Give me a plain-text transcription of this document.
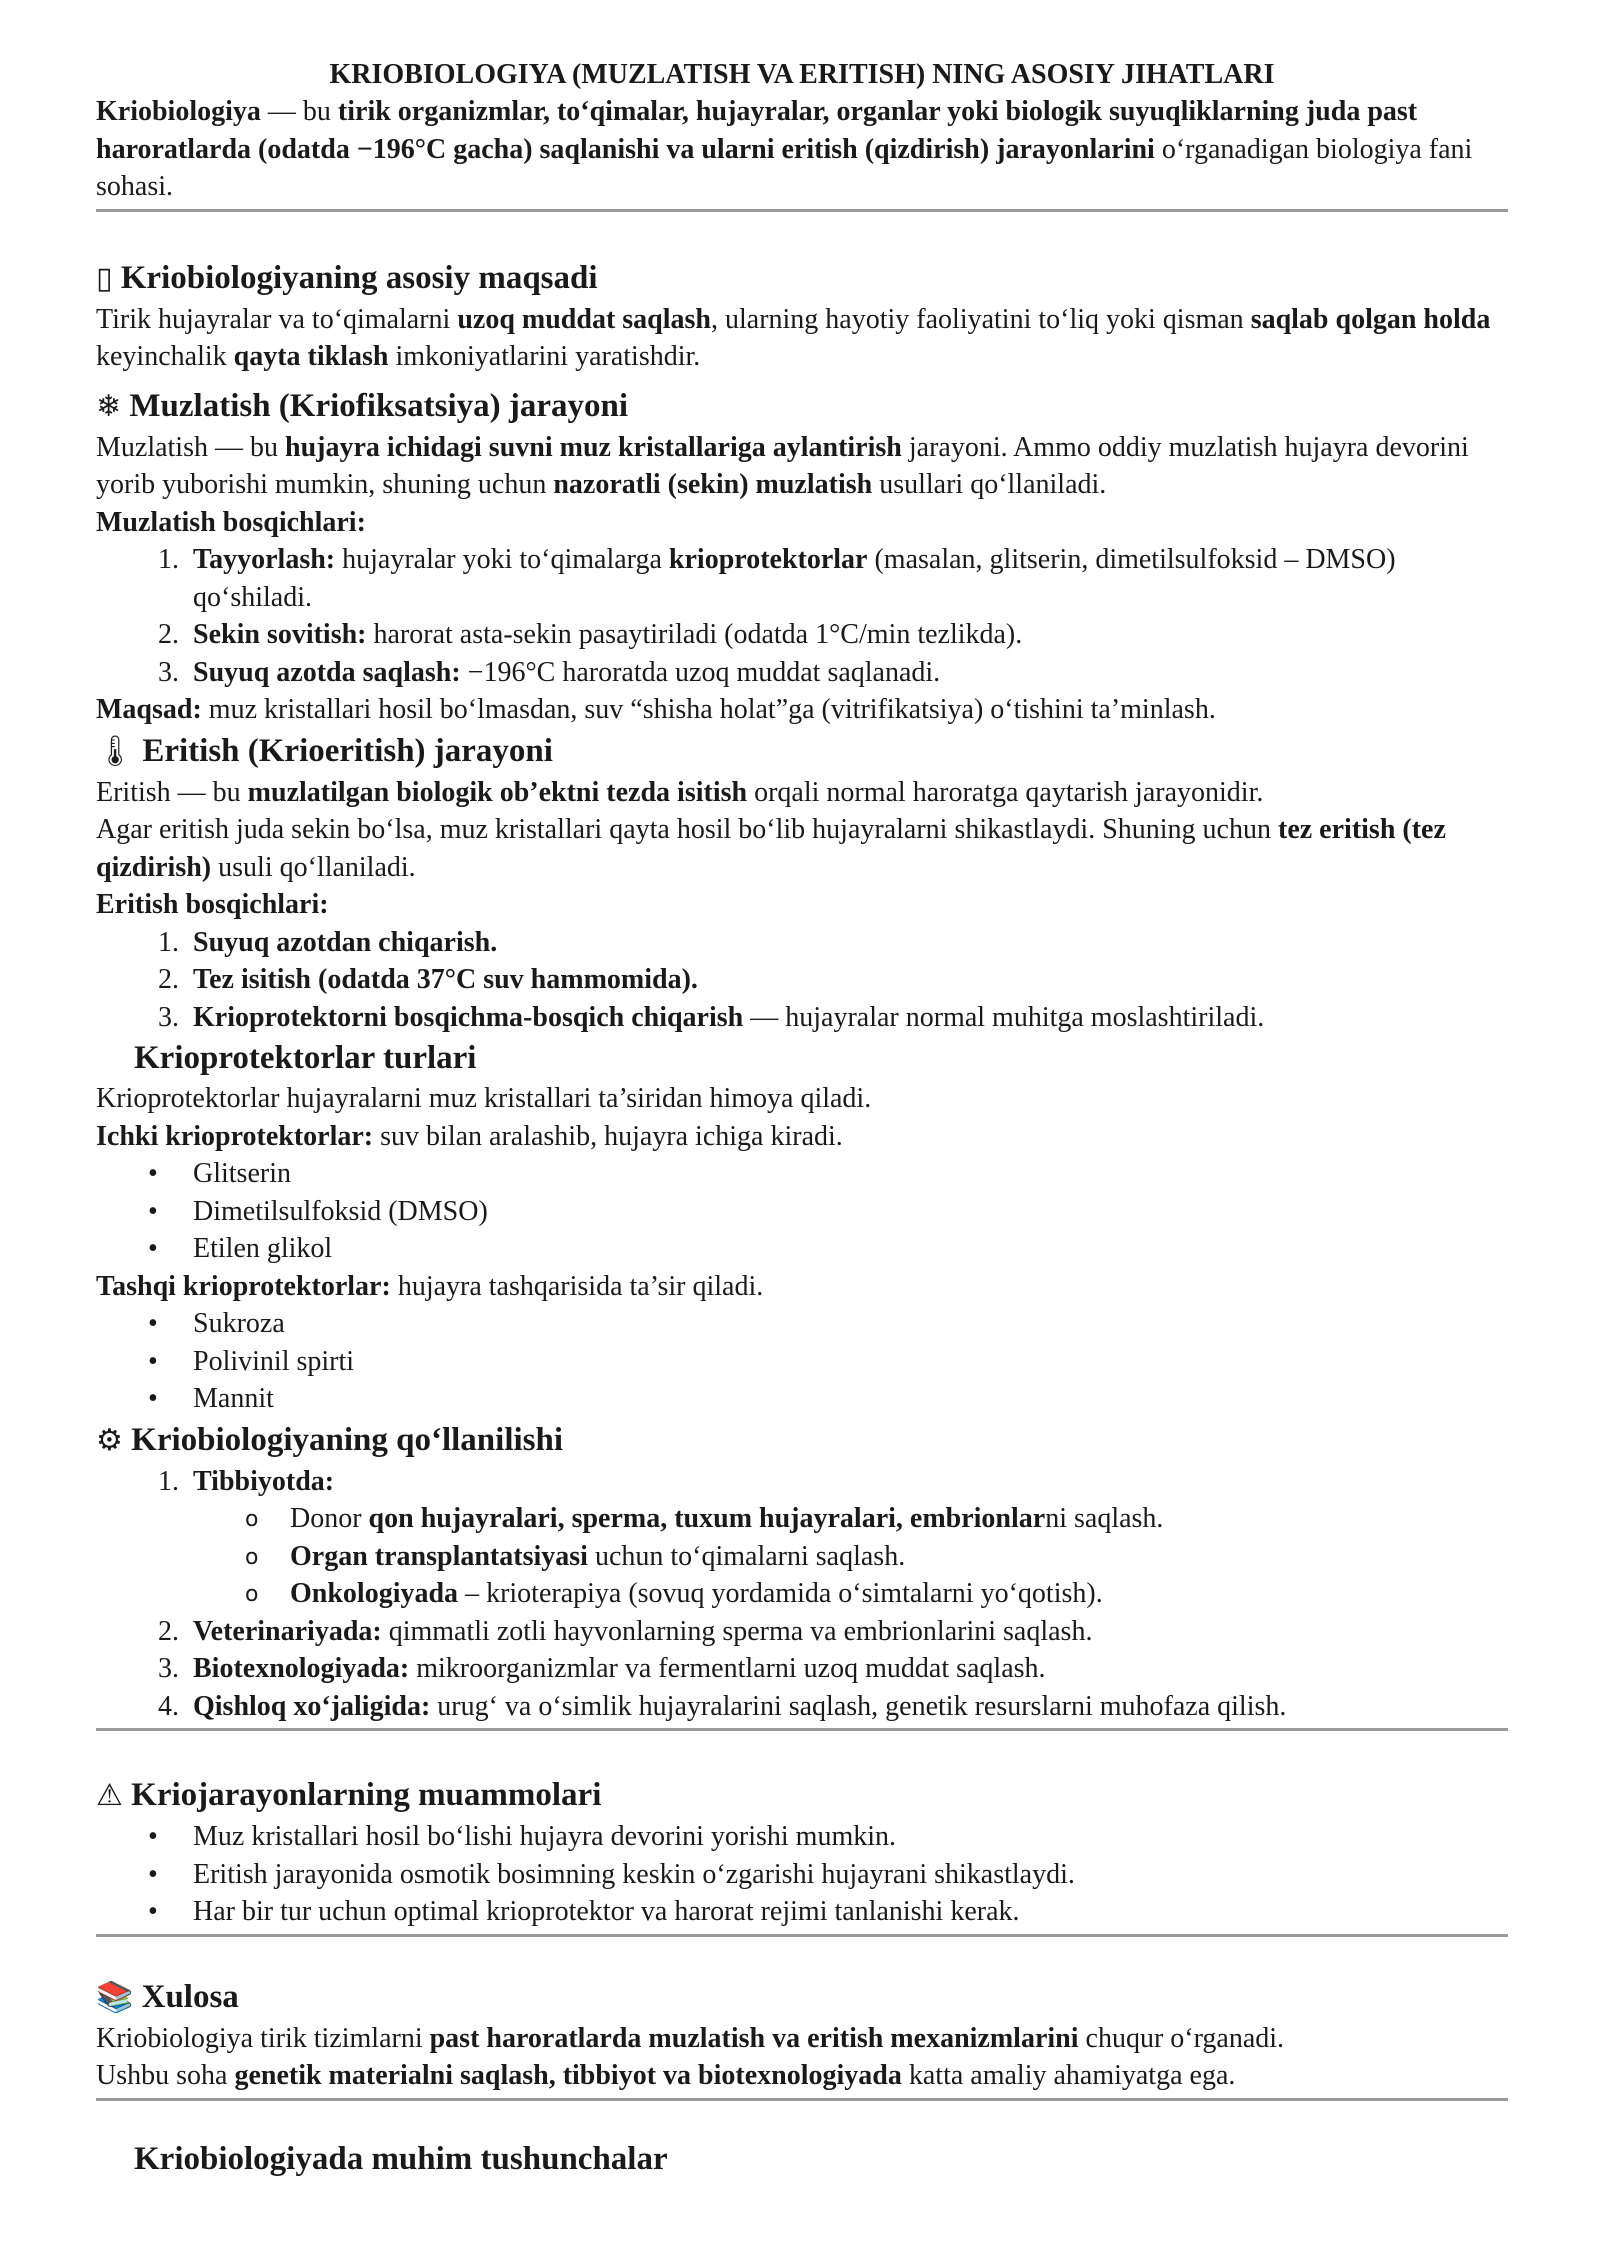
KRIOBIOLOGIYA (MUZLATISH VA ERITISH) NING ASOSIY JIHATLARI

Kriobiologiya — bu tirik organizmlar, to‘qimalar, hujayralar, organlar yoki biologik suyuqliklarning juda past haroratlarda (odatda −196°C gacha) saqlanishi va ularni eritish (qizdirish) jarayonlarini o‘rganadigan biologiya fani sohasi.

▯ Kriobiologiyaning asosiy maqsadi

Tirik hujayralar va to‘qimalarni uzoq muddat saqlash, ularning hayotiy faoliyatini to‘liq yoki qisman saqlab qolgan holda keyinchalik qayta tiklash imkoniyatlarini yaratishdir.

❄ Muzlatish (Kriofiksatsiya) jarayoni

Muzlatish — bu hujayra ichidagi suvni muz kristallariga aylantirish jarayoni. Ammo oddiy muzlatish hujayra devorini yorib yuborishi mumkin, shuning uchun nazoratli (sekin) muzlatish usullari qo‘llaniladi.

Muzlatish bosqichlari:

1. Tayyorlash: hujayralar yoki to‘qimalarga krioprotektorlar (masalan, glitserin, dimetilsulfoksid – DMSO) qo‘shiladi.
2. Sekin sovitish: harorat asta-sekin pasaytiriladi (odatda 1°C/min tezlikda).
3. Suyuq azotda saqlash: −196°C haroratda uzoq muddat saqlanadi.

Maqsad: muz kristallari hosil bo‘lmasdan, suv “shisha holat”ga (vitrifikatsiya) o‘tishini ta’minlash.

🌡 Eritish (Krioeritish) jarayoni

Eritish — bu muzlatilgan biologik ob’ektni tezda isitish orqali normal haroratga qaytarish jarayonidir.

Agar eritish juda sekin bo‘lsa, muz kristallari qayta hosil bo‘lib hujayralarni shikastlaydi. Shuning uchun tez eritish (tez qizdirish) usuli qo‘llaniladi.

Eritish bosqichlari:

1. Suyuq azotdan chiqarish.
2. Tez isitish (odatda 37°C suv hammomida).
3. Krioprotektorni bosqichma-bosqich chiqarish — hujayralar normal muhitga moslashtiriladi.
Krioprotektorlar turlari

Krioprotektorlar hujayralarni muz kristallari ta’siridan himoya qiladi.

Ichki krioprotektorlar: suv bilan aralashib, hujayra ichiga kiradi.

• Glitserin
• Dimetilsulfoksid (DMSO)
• Etilen glikol

Tashqi krioprotektorlar: hujayra tashqarisida ta’sir qiladi.

• Sukroza
• Polivinil spirti
• Mannit
⚙ Kriobiologiyaning qo‘llanilishi
1. Tibbiyotda:
o Donor qon hujayralari, sperma, tuxum hujayralari, embrionlarni saqlash.
o Organ transplantatsiyasi uchun to‘qimalarni saqlash.
o Onkologiyada – krioterapiya (sovuq yordamida o‘simtalarni yo‘qotish).
2. Veterinariyada: qimmatli zotli hayvonlarning sperma va embrionlarini saqlash.
3. Biotexnologiyada: mikroorganizmlar va fermentlarni uzoq muddat saqlash.
4. Qishloq xo‘jaligida: urug‘ va o‘simlik hujayralarini saqlash, genetik resurslarni muhofaza qilish.
⚠ Kriojarayonlarning muammolari
• Muz kristallari hosil bo‘lishi hujayra devorini yorishi mumkin.
• Eritish jarayonida osmotik bosimning keskin o‘zgarishi hujayrani shikastlaydi.
• Har bir tur uchun optimal krioprotektor va harorat rejimi tanlanishi kerak.
📚 Xulosa

Kriobiologiya tirik tizimlarni past haroratlarda muzlatish va eritish mexanizmlarini chuqur o‘rganadi.

Ushbu soha genetik materialni saqlash, tibbiyot va biotexnologiyada katta amaliy ahamiyatga ega.

Kriobiologiyada muhim tushunchalar
